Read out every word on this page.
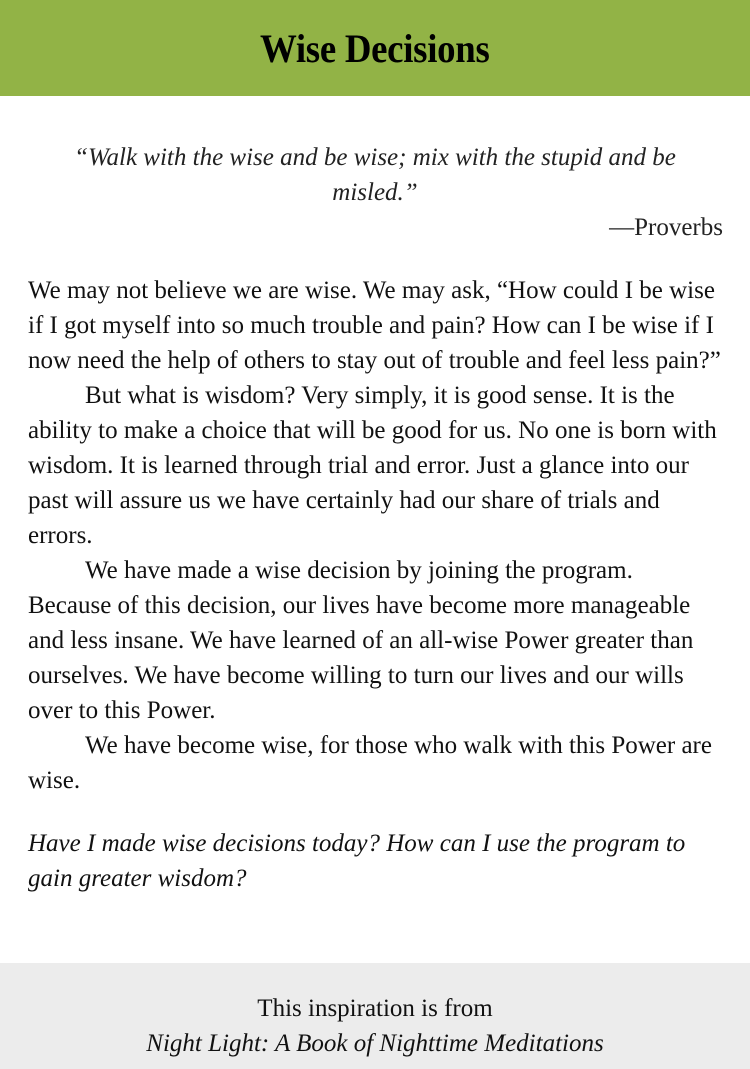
Wise Decisions
“Walk with the wise and be wise; mix with the stupid and be misled.”
—Proverbs

We may not believe we are wise. We may ask, “How could I be wise if I got myself into so much trouble and pain? How can I be wise if I now need the help of others to stay out of trouble and feel less pain?”

But what is wisdom? Very simply, it is good sense. It is the ability to make a choice that will be good for us. No one is born with wisdom. It is learned through trial and error. Just a glance into our past will assure us we have certainly had our share of trials and errors.

We have made a wise decision by joining the program. Because of this decision, our lives have become more manageable and less insane. We have learned of an all-wise Power greater than ourselves. We have become willing to turn our lives and our wills over to this Power.

We have become wise, for those who walk with this Power are wise.

Have I made wise decisions today? How can I use the program to gain greater wisdom?
This inspiration is from
Night Light: A Book of Nighttime Meditations
